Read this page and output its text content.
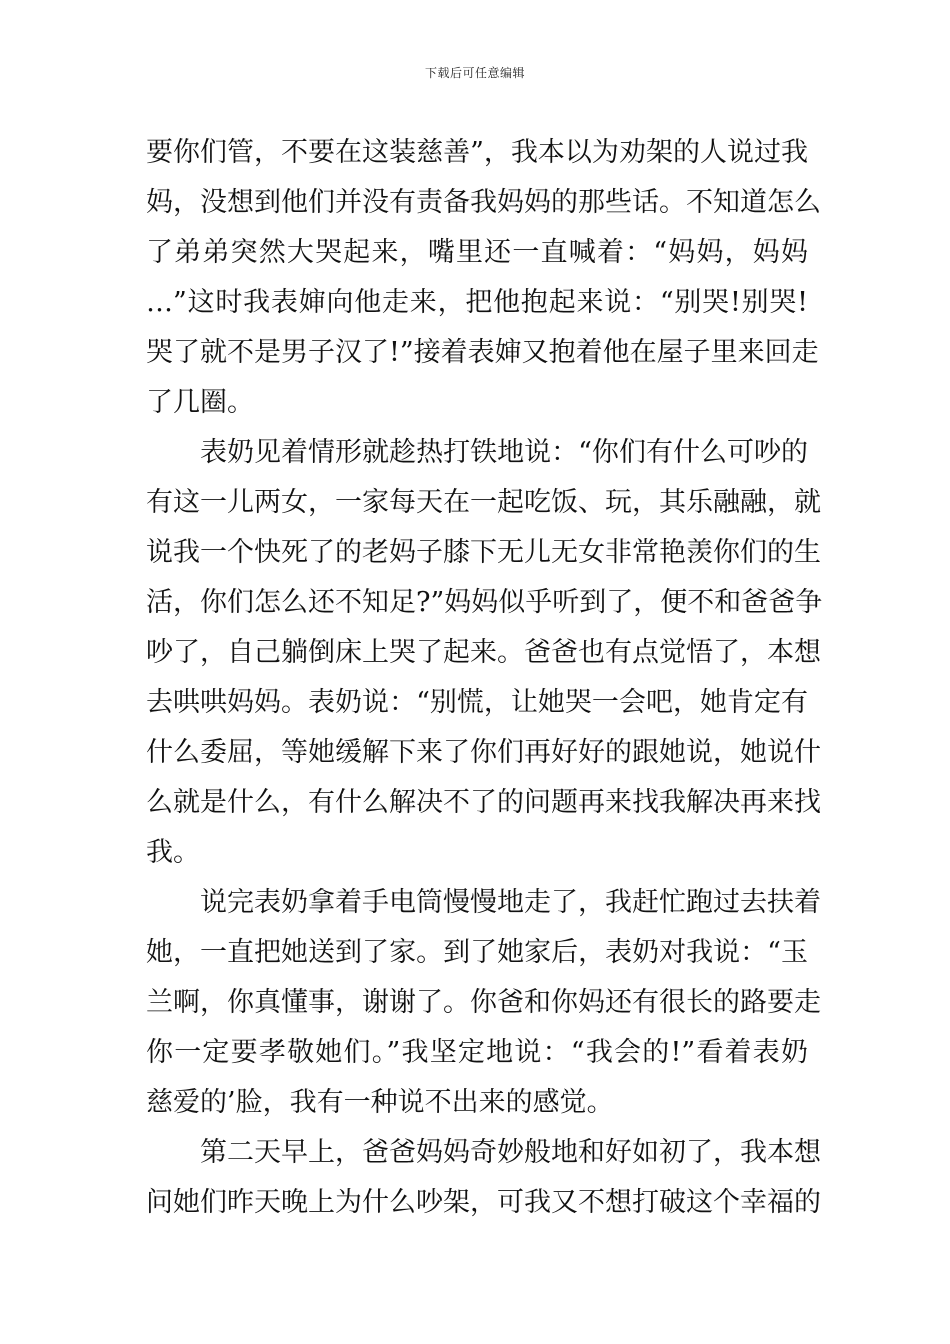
下载后可任意编辑
要你们管，不要在这装慈善”，我本以为劝架的人说过我
妈，没想到他们并没有责备我妈妈的那些话。不知道怎么
了弟弟突然大哭起来，嘴里还一直喊着：“妈妈，妈妈
…”这时我表婶向他走来，把他抱起来说：“别哭!别哭!
哭了就不是男子汉了!”接着表婶又抱着他在屋子里来回走
了几圈。
表奶见着情形就趁热打铁地说：“你们有什么可吵的
有这一儿两女，一家每天在一起吃饭、玩，其乐融融，就
说我一个快死了的老妈子膝下无儿无女非常艳羡你们的生
活，你们怎么还不知足?”妈妈似乎听到了，便不和爸爸争
吵了，自己躺倒床上哭了起来。爸爸也有点觉悟了，本想
去哄哄妈妈。表奶说：“别慌，让她哭一会吧，她肯定有
什么委屈，等她缓解下来了你们再好好的跟她说，她说什
么就是什么，有什么解决不了的问题再来找我解决再来找
我。
说完表奶拿着手电筒慢慢地走了，我赶忙跑过去扶着
她，一直把她送到了家。到了她家后，表奶对我说：“玉
兰啊，你真懂事，谢谢了。你爸和你妈还有很长的路要走
你一定要孝敬她们。”我坚定地说：“我会的!”看着表奶
慈爱的’脸，我有一种说不出来的感觉。
第二天早上，爸爸妈妈奇妙般地和好如初了，我本想
问她们昨天晚上为什么吵架，可我又不想打破这个幸福的
